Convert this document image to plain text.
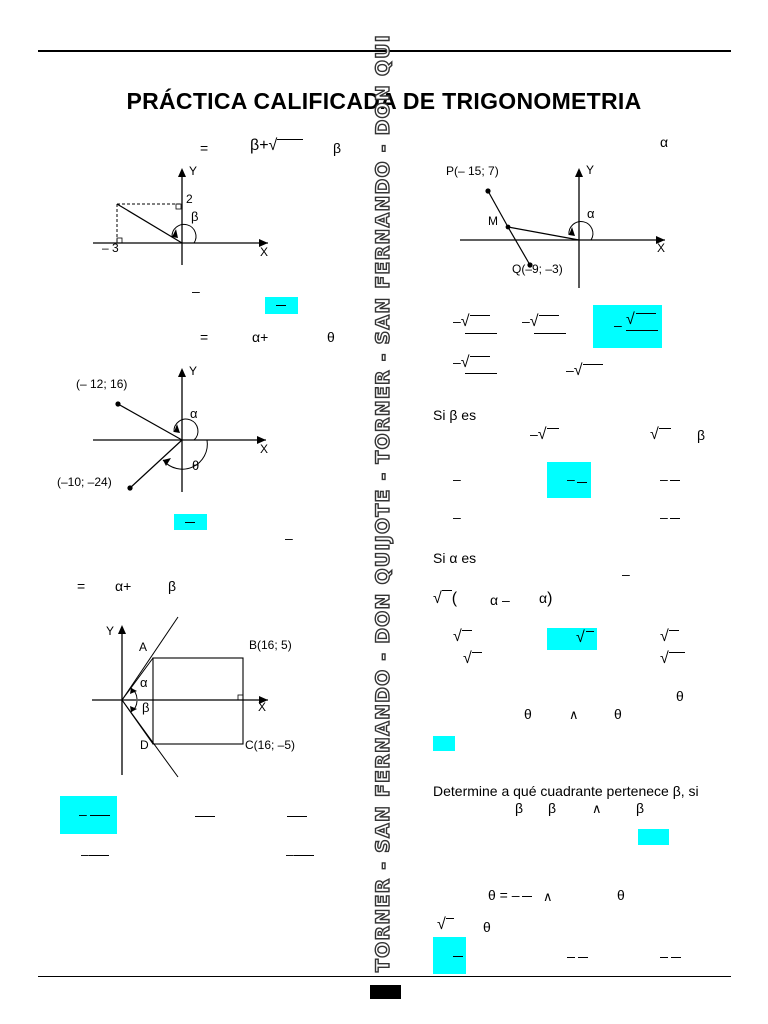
PRÁCTICA CALIFICADA DE TRIGONOMETRIA
TORNER - SAN FERNANDO - DON QUIJOTE - TORNER - SAN FERNANDO - DON QUI
=	β+√	β
Y
X
2
– 3
β
–
=	α+	θ
Y
X
(– 12; 16)
(–10; –24)
α
θ
–
= α+	β
Y
X
A
D
B(16; 5)
C(16; –5)
α
β
–
–	–
α
Y
X
P(– 15; 7)
M
Q(–9; –3)
α
–√	–√	– √
–√	–√
Si β es
–√	√	β
–	–	–
–	–
Si α es
–
√ ( α – α)
√	√	√
√	√
θ
θ	∧	θ
Determine a qué cuadrante pertenece β, si
β β	∧ β
θ = –	∧	θ
√	θ
